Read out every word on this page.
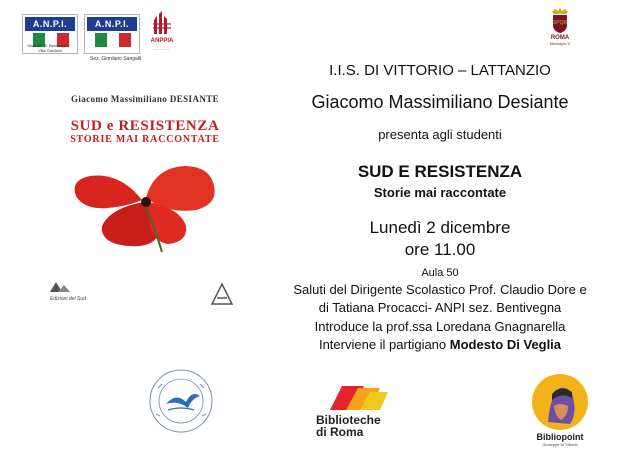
A.N.P.I.
Sezione "B. Bentivegna" - Villa Gordiani
A.N.P.I.
Sez. Giordano Sangalli
ANPPIA
— — — —
SPQR
ROMA
Municipio V
Giacomo Massimiliano DESIANTE
SUD e RESISTENZA
STORIE MAI RACCONTATE
Edizioni del Sud
I.I.S. DI VITTORIO – LATTANZIO
Giacomo Massimiliano Desiante
presenta agli studenti
SUD E RESISTENZA
Storie mai raccontate
Lunedì 2 dicembre
ore 11.00
Aula 50
Saluti del Dirigente Scolastico Prof. Claudio Dore e
di Tatiana Procacci- ANPI sez. Bentivegna
Introduce la prof.ssa Loredana Gnagnarella
Interviene il partigiano Modesto Di Veglia
Biblioteche
di Roma	Bibliopoint
Giuseppe Di Vittorio
